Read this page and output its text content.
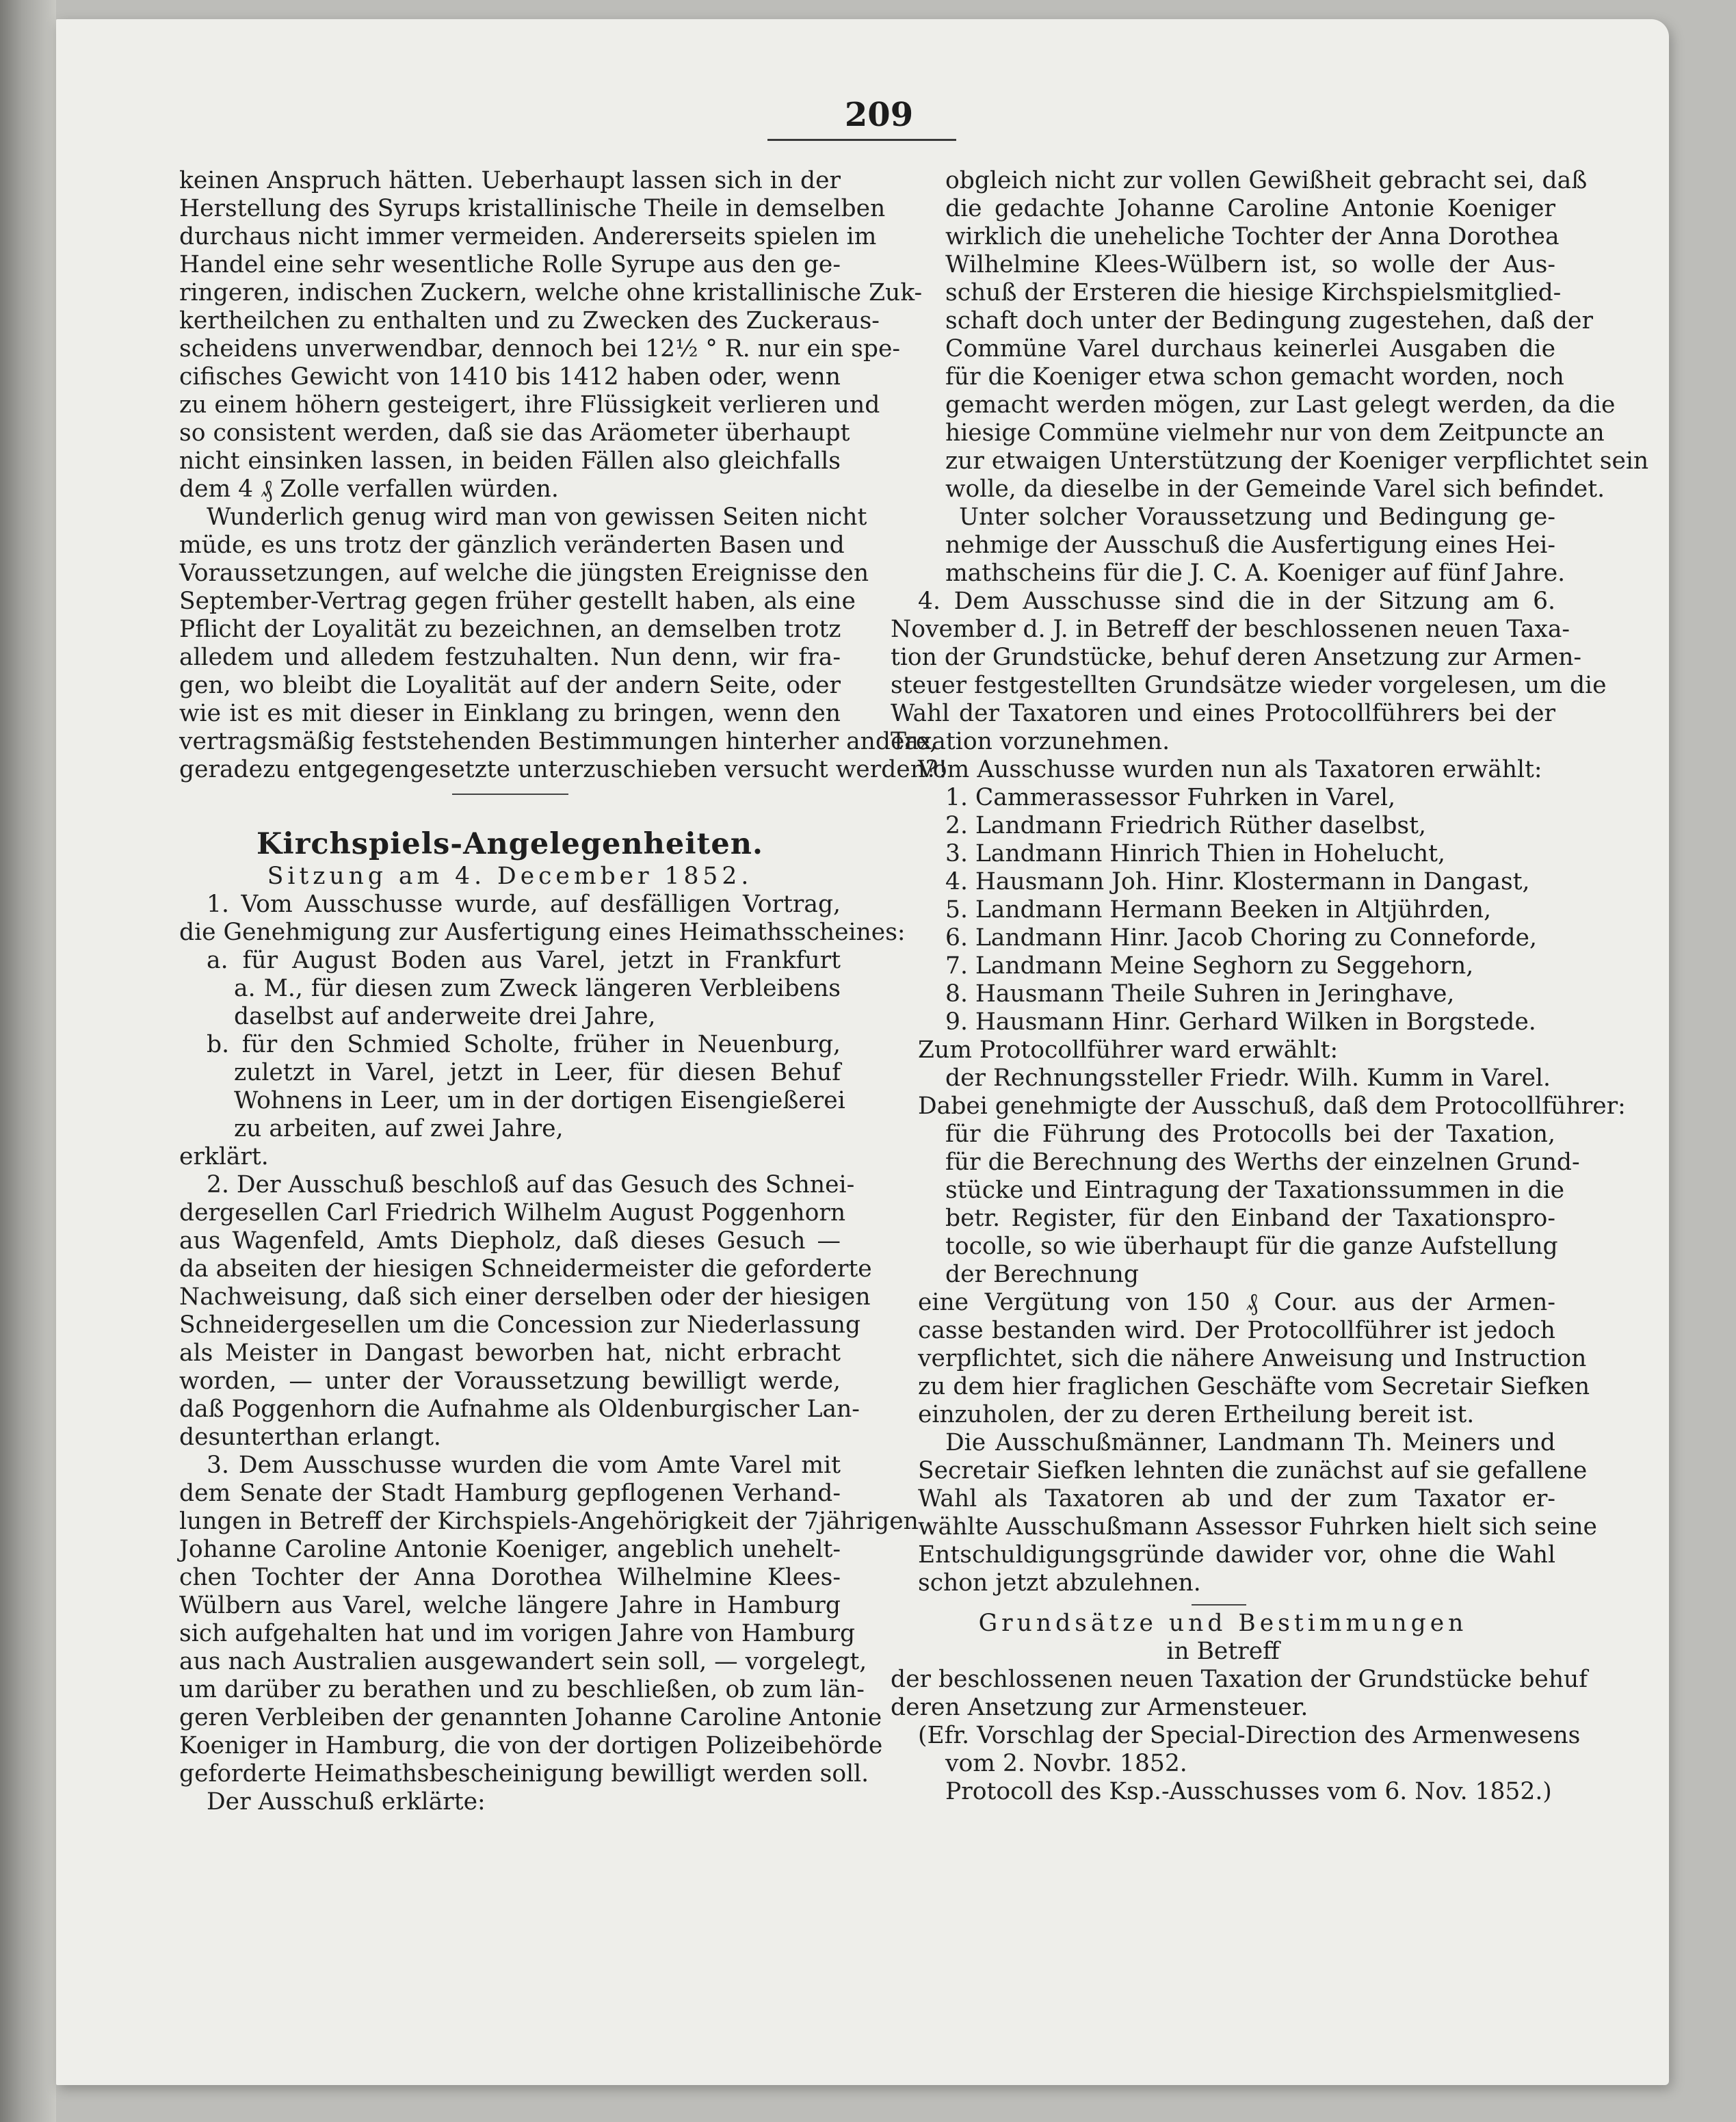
209
keinen Anspruch hätten. Ueberhaupt lassen sich in der
Herstellung des Syrups kristallinische Theile in demselben
durchaus nicht immer vermeiden. Andererseits spielen im
Handel eine sehr wesentliche Rolle Syrupe aus den ge-
ringeren, indischen Zuckern, welche ohne kristallinische Zuk-
kertheilchen zu enthalten und zu Zwecken des Zuckeraus-
scheidens unverwendbar, dennoch bei 12½ ° R. nur ein spe-
cifisches Gewicht von 1410 bis 1412 haben oder, wenn
zu einem höhern gesteigert, ihre Flüssigkeit verlieren und
so consistent werden, daß sie das Aräometer überhaupt
nicht einsinken lassen, in beiden Fällen also gleichfalls
dem 4 ₰ Zolle verfallen würden.
Wunderlich genug wird man von gewissen Seiten nicht
müde, es uns trotz der gänzlich veränderten Basen und
Voraussetzungen, auf welche die jüngsten Ereignisse den
September-Vertrag gegen früher gestellt haben, als eine
Pflicht der Loyalität zu bezeichnen, an demselben trotz
alledem und alledem festzuhalten. Nun denn, wir fra-
gen, wo bleibt die Loyalität auf der andern Seite, oder
wie ist es mit dieser in Einklang zu bringen, wenn den
vertragsmäßig feststehenden Bestimmungen hinterher andere,
geradezu entgegengesetzte unterzuschieben versucht werden?!
Kirchspiels-Angelegenheiten.
Sitzung am 4. December 1852.
1. Vom Ausschusse wurde, auf desfälligen Vortrag,
die Genehmigung zur Ausfertigung eines Heimathsscheines:
a. für August Boden aus Varel, jetzt in Frankfurt
a. M., für diesen zum Zweck längeren Verbleibens
daselbst auf anderweite drei Jahre,
b. für den Schmied Scholte, früher in Neuenburg,
zuletzt in Varel, jetzt in Leer, für diesen Behuf
Wohnens in Leer, um in der dortigen Eisengießerei
zu arbeiten, auf zwei Jahre,
erklärt.
2. Der Ausschuß beschloß auf das Gesuch des Schnei-
dergesellen Carl Friedrich Wilhelm August Poggenhorn
aus Wagenfeld, Amts Diepholz, daß dieses Gesuch —
da abseiten der hiesigen Schneidermeister die geforderte
Nachweisung, daß sich einer derselben oder der hiesigen
Schneidergesellen um die Concession zur Niederlassung
als Meister in Dangast beworben hat, nicht erbracht
worden, — unter der Voraussetzung bewilligt werde,
daß Poggenhorn die Aufnahme als Oldenburgischer Lan-
desunterthan erlangt.
3. Dem Ausschusse wurden die vom Amte Varel mit
dem Senate der Stadt Hamburg gepflogenen Verhand-
lungen in Betreff der Kirchspiels-Angehörigkeit der 7jährigen
Johanne Caroline Antonie Koeniger, angeblich unehelt-
chen Tochter der Anna Dorothea Wilhelmine Klees-
Wülbern aus Varel, welche längere Jahre in Hamburg
sich aufgehalten hat und im vorigen Jahre von Hamburg
aus nach Australien ausgewandert sein soll, — vorgelegt,
um darüber zu berathen und zu beschließen, ob zum län-
geren Verbleiben der genannten Johanne Caroline Antonie
Koeniger in Hamburg, die von der dortigen Polizeibehörde
geforderte Heimathsbescheinigung bewilligt werden soll.
Der Ausschuß erklärte:
obgleich nicht zur vollen Gewißheit gebracht sei, daß
die gedachte Johanne Caroline Antonie Koeniger
wirklich die uneheliche Tochter der Anna Dorothea
Wilhelmine Klees-Wülbern ist, so wolle der Aus-
schuß der Ersteren die hiesige Kirchspielsmitglied-
schaft doch unter der Bedingung zugestehen, daß der
Commüne Varel durchaus keinerlei Ausgaben die
für die Koeniger etwa schon gemacht worden, noch
gemacht werden mögen, zur Last gelegt werden, da die
hiesige Commüne vielmehr nur von dem Zeitpuncte an
zur etwaigen Unterstützung der Koeniger verpflichtet sein
wolle, da dieselbe in der Gemeinde Varel sich befindet.
Unter solcher Voraussetzung und Bedingung ge-
nehmige der Ausschuß die Ausfertigung eines Hei-
mathscheins für die J. C. A. Koeniger auf fünf Jahre.
4. Dem Ausschusse sind die in der Sitzung am 6.
November d. J. in Betreff der beschlossenen neuen Taxa-
tion der Grundstücke, behuf deren Ansetzung zur Armen-
steuer festgestellten Grundsätze wieder vorgelesen, um die
Wahl der Taxatoren und eines Protocollführers bei der
Taxation vorzunehmen.
Vom Ausschusse wurden nun als Taxatoren erwählt:
1. Cammerassessor Fuhrken in Varel,
2. Landmann Friedrich Rüther daselbst,
3. Landmann Hinrich Thien in Hohelucht,
4. Hausmann Joh. Hinr. Klostermann in Dangast,
5. Landmann Hermann Beeken in Altjührden,
6. Landmann Hinr. Jacob Choring zu Conneforde,
7. Landmann Meine Seghorn zu Seggehorn,
8. Hausmann Theile Suhren in Jeringhave,
9. Hausmann Hinr. Gerhard Wilken in Borgstede.
Zum Protocollführer ward erwählt:
der Rechnungssteller Friedr. Wilh. Kumm in Varel.
Dabei genehmigte der Ausschuß, daß dem Protocollführer:
für die Führung des Protocolls bei der Taxation,
für die Berechnung des Werths der einzelnen Grund-
stücke und Eintragung der Taxationssummen in die
betr. Register, für den Einband der Taxationspro-
tocolle, so wie überhaupt für die ganze Aufstellung
der Berechnung
eine Vergütung von 150 ₰ Cour. aus der Armen-
casse bestanden wird. Der Protocollführer ist jedoch
verpflichtet, sich die nähere Anweisung und Instruction
zu dem hier fraglichen Geschäfte vom Secretair Siefken
einzuholen, der zu deren Ertheilung bereit ist.
Die Ausschußmänner, Landmann Th. Meiners und
Secretair Siefken lehnten die zunächst auf sie gefallene
Wahl als Taxatoren ab und der zum Taxator er-
wählte Ausschußmann Assessor Fuhrken hielt sich seine
Entschuldigungsgründe dawider vor, ohne die Wahl
schon jetzt abzulehnen.
Grundsätze und Bestimmungen
in Betreff
der beschlossenen neuen Taxation der Grundstücke behuf
deren Ansetzung zur Armensteuer.
(Efr. Vorschlag der Special-Direction des Armenwesens
vom 2. Novbr. 1852.
Protocoll des Ksp.-Ausschusses vom 6. Nov. 1852.)
